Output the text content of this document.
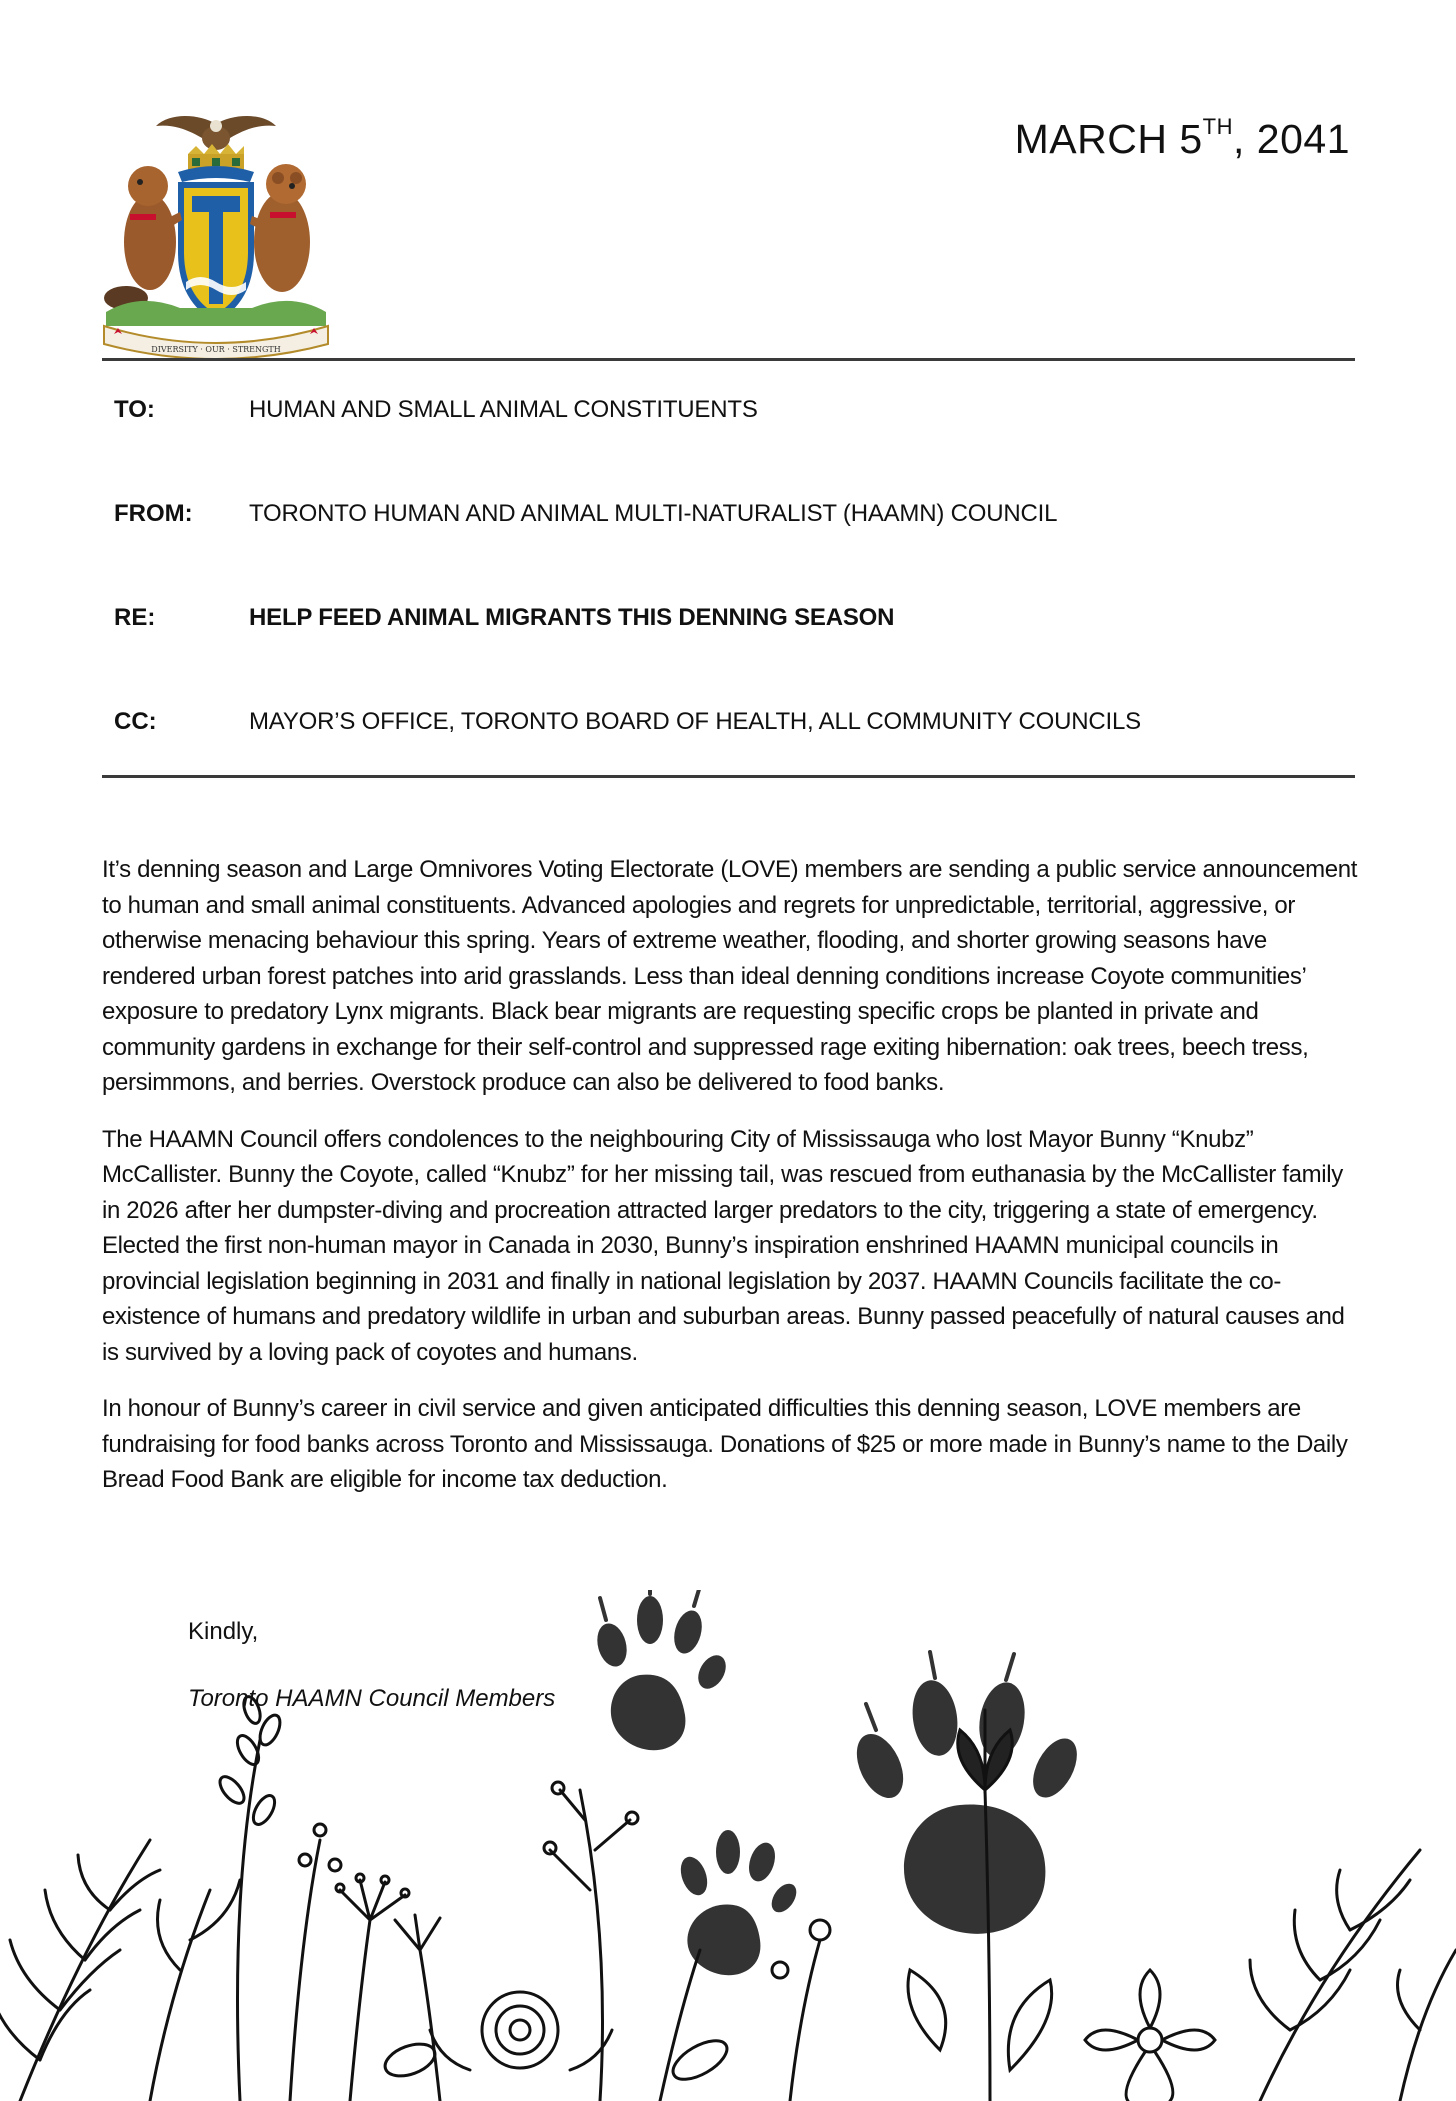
DIVERSITY · OUR · STRENGTH
MARCH 5TH, 2041
TO:	HUMAN AND SMALL ANIMAL CONSTITUENTS
FROM: TORONTO HUMAN AND ANIMAL MULTI-NATURALIST (HAAMN) COUNCIL
RE:	HELP FEED ANIMAL MIGRANTS THIS DENNING SEASON
CC:	MAYOR’S OFFICE, TORONTO BOARD OF HEALTH, ALL COMMUNITY COUNCILS

It’s denning season and Large Omnivores Voting Electorate (LOVE) members are sending a public service announcement to human and small animal constituents. Advanced apologies and regrets for unpredictable, territorial, aggressive, or otherwise menacing behaviour this spring. Years of extreme weather, flooding, and shorter growing seasons have rendered urban forest patches into arid grasslands. Less than ideal denning conditions increase Coyote communities’ exposure to predatory Lynx migrants. Black bear migrants are requesting specific crops be planted in private and community gardens in exchange for their self-control and suppressed rage exiting hibernation: oak trees, beech tress, persimmons, and berries. Overstock produce can also be delivered to food banks.

The HAAMN Council offers condolences to the neighbouring City of Mississauga who lost Mayor Bunny “Knubz” McCallister. Bunny the Coyote, called “Knubz” for her missing tail, was rescued from euthanasia by the McCallister family in 2026 after her dumpster-diving and procreation attracted larger predators to the city, triggering a state of emergency. Elected the first non-human mayor in Canada in 2030, Bunny’s inspiration enshrined HAAMN municipal councils in provincial legislation beginning in 2031 and finally in national legislation by 2037. HAAMN Councils facilitate the co-existence of humans and predatory wildlife in urban and suburban areas. Bunny passed peacefully of natural causes and is survived by a loving pack of coyotes and humans.

In honour of Bunny’s career in civil service and given anticipated difficulties this denning season, LOVE members are fundraising for food banks across Toronto and Mississauga. Donations of $25 or more made in Bunny’s name to the Daily Bread Food Bank are eligible for income tax deduction.

Kindly,
Toronto HAAMN Council Members
